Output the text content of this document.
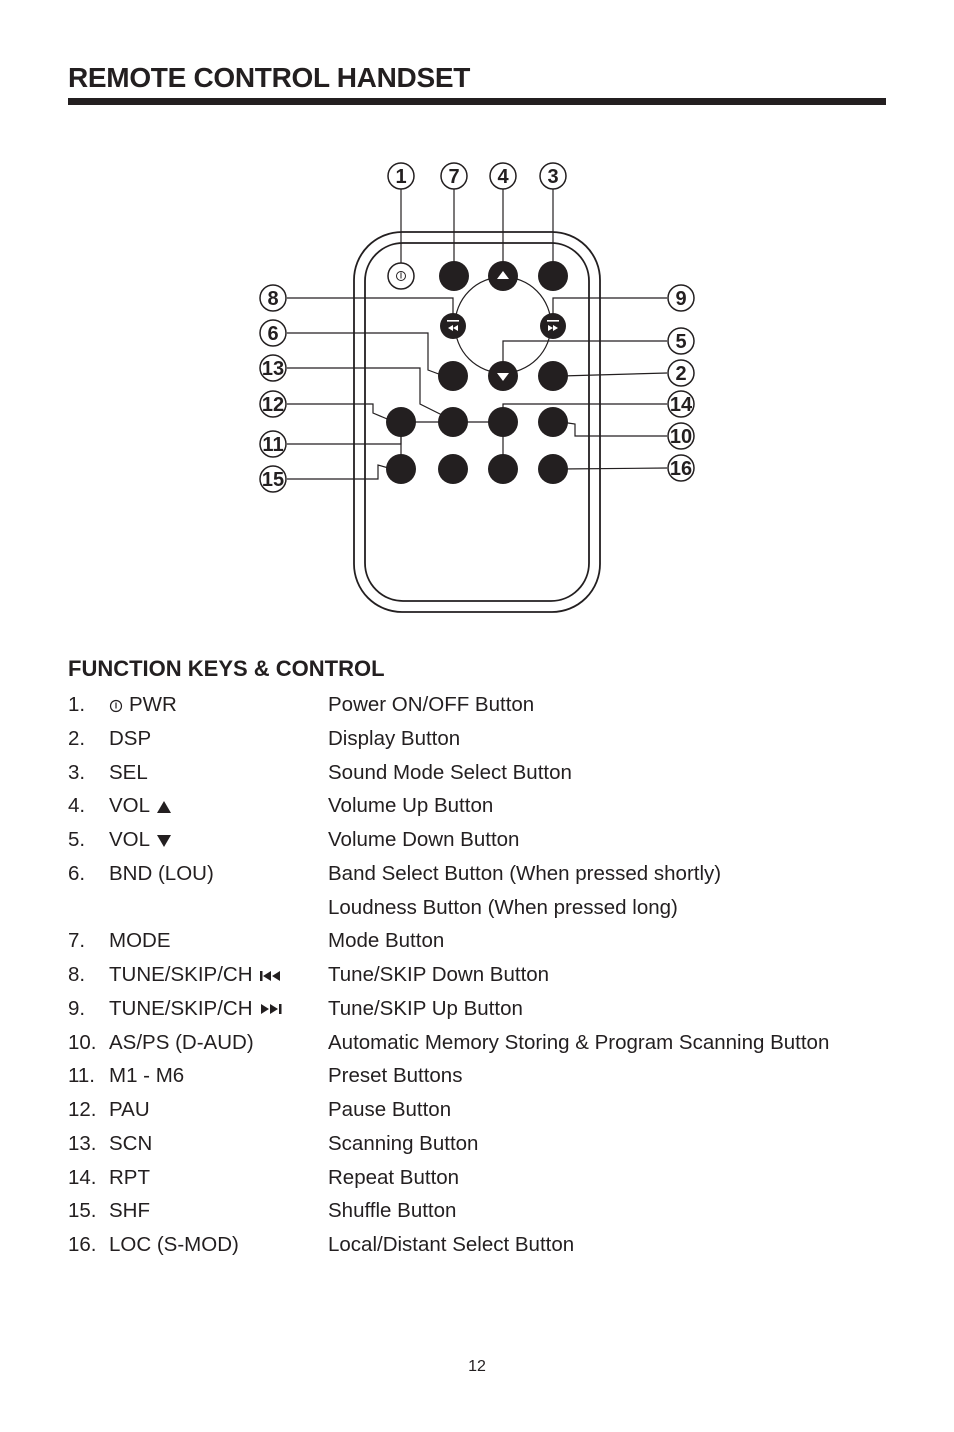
REMOTE CONTROL HANDSET
1 7 4 3
8	9
6	5
13	2
12	14
11	10
15	16
FUNCTION KEYS & CONTROL
1.	PWR	Power ON/OFF Button
2. DSP	Display Button
3. SEL	Sound Mode Select Button
4. VOL	Volume Up Button
5. VOL	Volume Down Button
6. BND (LOU)	Band Select Button (When pressed shortly)
Loudness Button (When pressed long)
7. MODE	Mode Button
8. TUNE/SKIP/CH	Tune/SKIP Down Button
9. TUNE/SKIP/CH	Tune/SKIP Up Button
10. AS/PS (D-AUD)	Automatic Memory Storing & Program Scanning Button
11. M1 - M6	Preset Buttons
12. PAU	Pause Button
13. SCN	Scanning Button
14. RPT	Repeat Button
15. SHF	Shuffle Button
16. LOC (S-MOD)	Local/Distant Select Button
12
